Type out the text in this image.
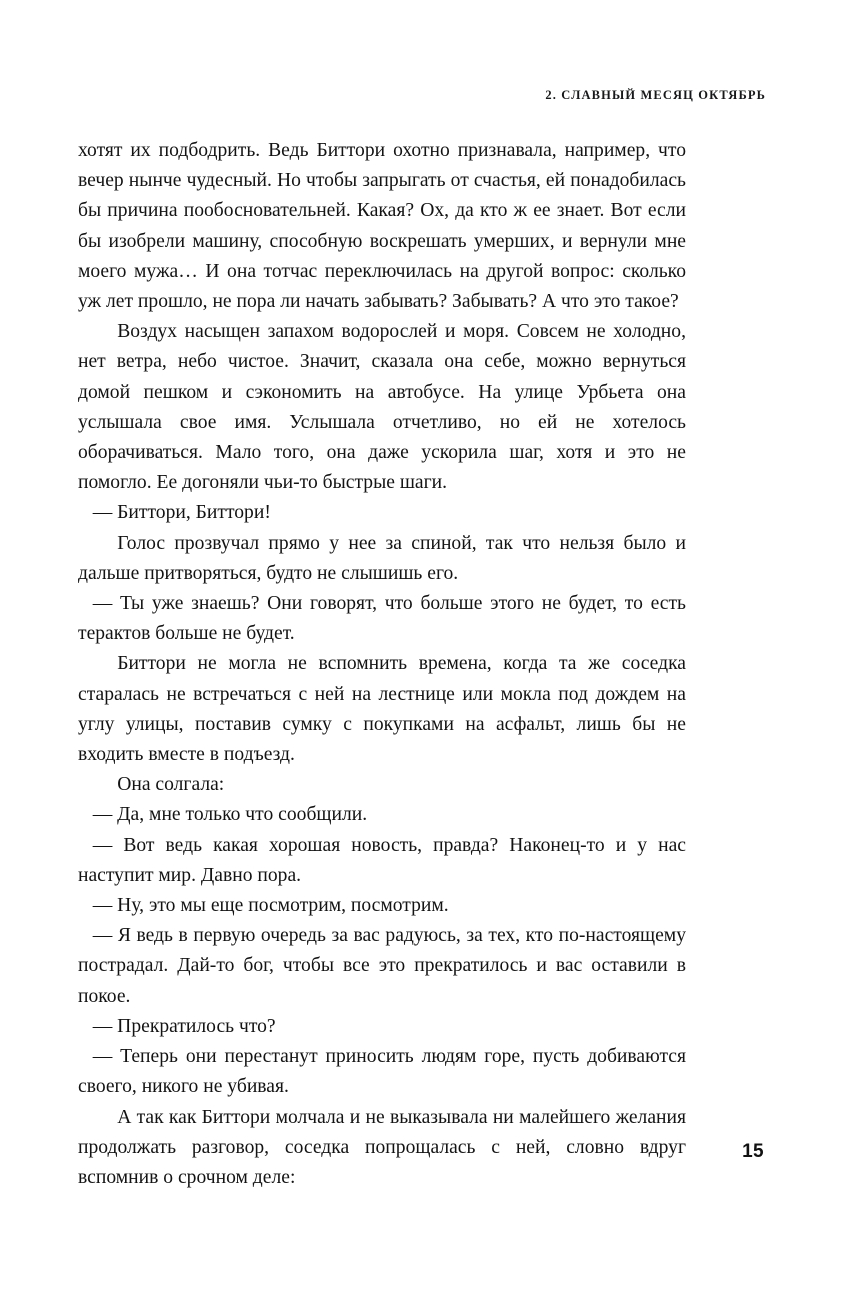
2. СЛАВНЫЙ МЕСЯЦ ОКТЯБРЬ

хотят их подбодрить. Ведь Биттори охотно признавала, например, что вечер нынче чудесный. Но чтобы запрыгать от счастья, ей понадобилась бы причина пообосновательней. Какая? Ох, да кто ж ее знает. Вот если бы изобрели машину, способную воскрешать умерших, и вернули мне моего мужа… И она тотчас переключилась на другой вопрос: сколько уж лет прошло, не пора ли начать забывать? Забывать? А что это такое?

Воздух насыщен запахом водорослей и моря. Совсем не холодно, нет ветра, небо чистое. Значит, сказала она себе, можно вернуться домой пешком и сэкономить на автобусе. На улице Урбьета она услышала свое имя. Услышала отчетливо, но ей не хотелось оборачиваться. Мало того, она даже ускорила шаг, хотя и это не помогло. Ее догоняли чьи-то быстрые шаги.

— Биттори, Биттори!

Голос прозвучал прямо у нее за спиной, так что нельзя было и дальше притворяться, будто не слышишь его.

— Ты уже знаешь? Они говорят, что больше этого не будет, то есть терактов больше не будет.

Биттори не могла не вспомнить времена, когда та же соседка старалась не встречаться с ней на лестнице или мокла под дождем на углу улицы, поставив сумку с покупками на асфальт, лишь бы не входить вместе в подъезд.

Она солгала:

— Да, мне только что сообщили.

— Вот ведь какая хорошая новость, правда? Наконец-то и у нас наступит мир. Давно пора.

— Ну, это мы еще посмотрим, посмотрим.

— Я ведь в первую очередь за вас радуюсь, за тех, кто по-настоящему пострадал. Дай-то бог, чтобы все это прекратилось и вас оставили в покое.

— Прекратилось что?

— Теперь они перестанут приносить людям горе, пусть добиваются своего, никого не убивая.

А так как Биттори молчала и не выказывала ни малейшего желания продолжать разговор, соседка попрощалась с ней, словно вдруг вспомнив о срочном деле:

15
